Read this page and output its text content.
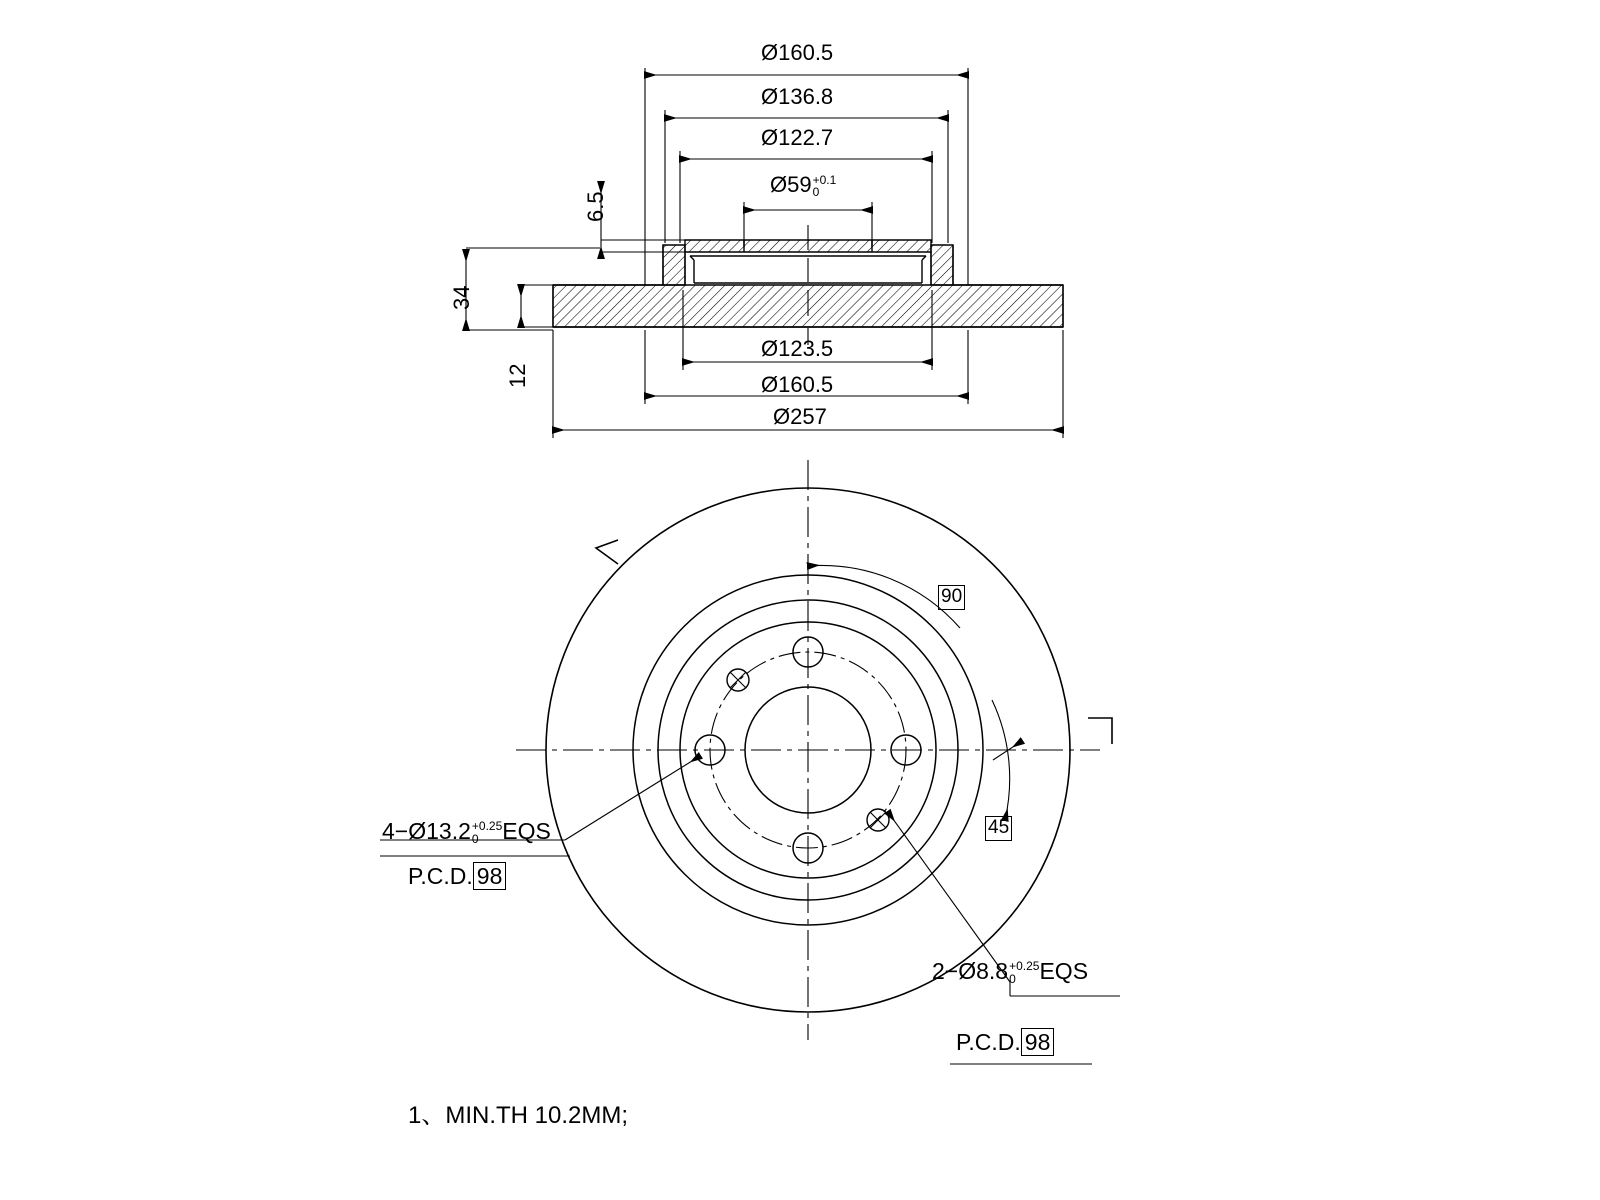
Ø160.5
Ø136.8
Ø122.7
Ø59 +0.1
0
Ø123.5
Ø160.5
Ø257
6.5
34
12
90
45
4−Ø13.2 +0.25
0	EQS
P.C.D. 98
2−Ø8.8 +0.25
0	EQS
P.C.D. 98
1、MIN.TH 10.2MM;
